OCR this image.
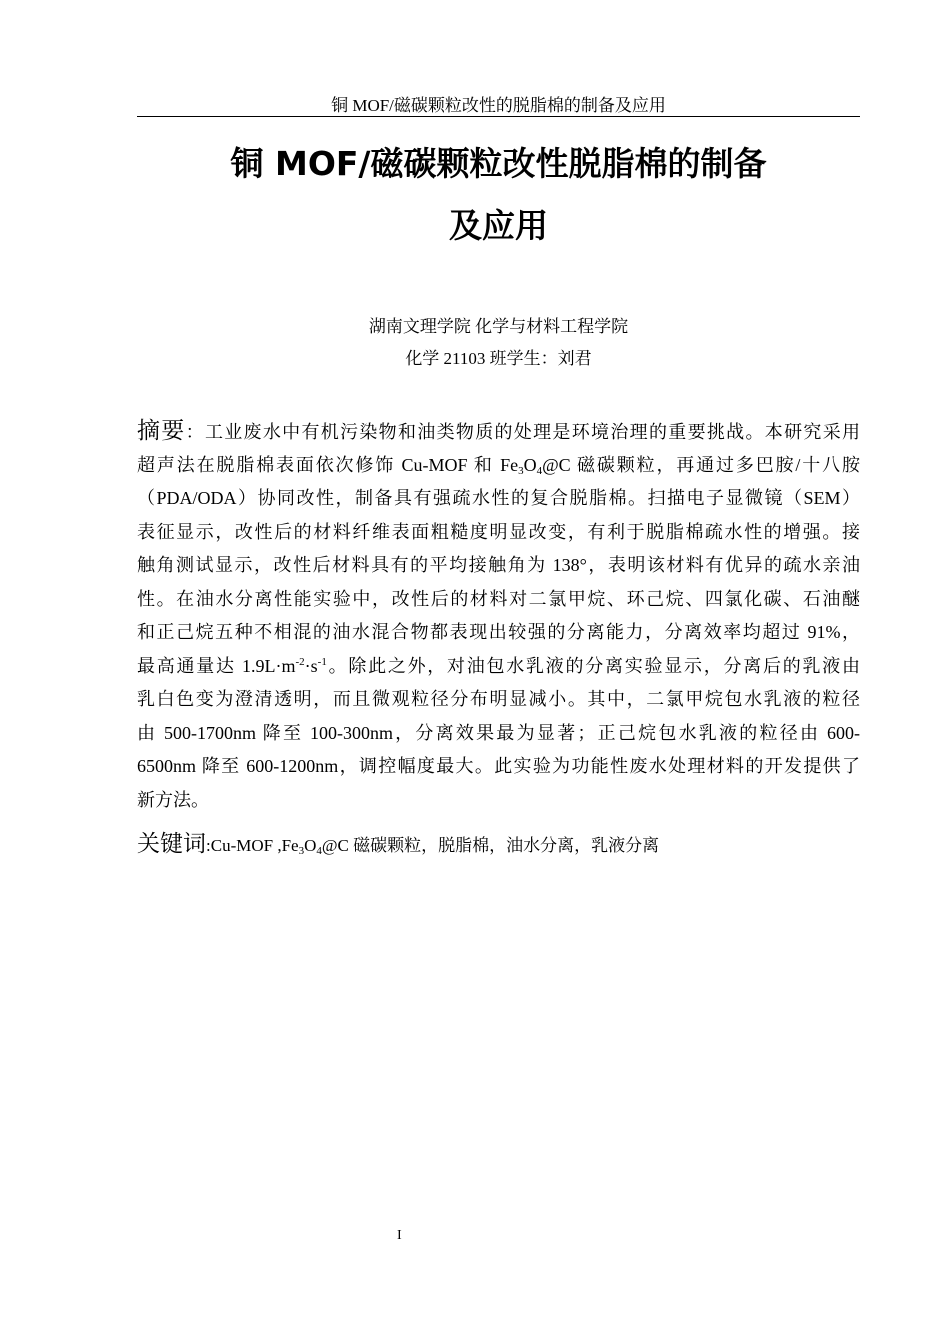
铜 MOF/磁碳颗粒改性的脱脂棉的制备及应用
铜 MOF/磁碳颗粒改性脱脂棉的制备
及应用
湖南文理学院 化学与材料工程学院
化学 21103 班学生：刘君
摘要：工业废水中有机污染物和油类物质的处理是环境治理的重要挑战。本研究采用
超声法在脱脂棉表面依次修饰 Cu-MOF 和 $Fe_3O_4@C$ 磁碳颗粒，再通过多巴胺/十八胺
（PDA/ODA）协同改性，制备具有强疏水性的复合脱脂棉。扫描电子显微镜（SEM）
表征显示，改性后的材料纤维表面粗糙度明显改变，有利于脱脂棉疏水性的增强。接
触角测试显示，改性后材料具有的平均接触角为 138°，表明该材料有优异的疏水亲油
性。在油水分离性能实验中，改性后的材料对二氯甲烷、环己烷、四氯化碳、石油醚
和正己烷五种不相混的油水混合物都表现出较强的分离能力，分离效率均超过 91%，
最高通量达 $1.9L\cdot m^{-2}\cdot s^{-1}$。除此之外，对油包水乳液的分离实验显示，分离后的乳液由
乳白色变为澄清透明，而且微观粒径分布明显减小。其中，二氯甲烷包水乳液的粒径
由 500-1700nm 降至 100-300nm，分离效果最为显著；正己烷包水乳液的粒径由 600-
6500nm 降至 600-1200nm，调控幅度最大。此实验为功能性废水处理材料的开发提供了
新方法。
关键词:Cu-MOF $,Fe_3O_4@C$ 磁碳颗粒，脱脂棉，油水分离，乳液分离
I
